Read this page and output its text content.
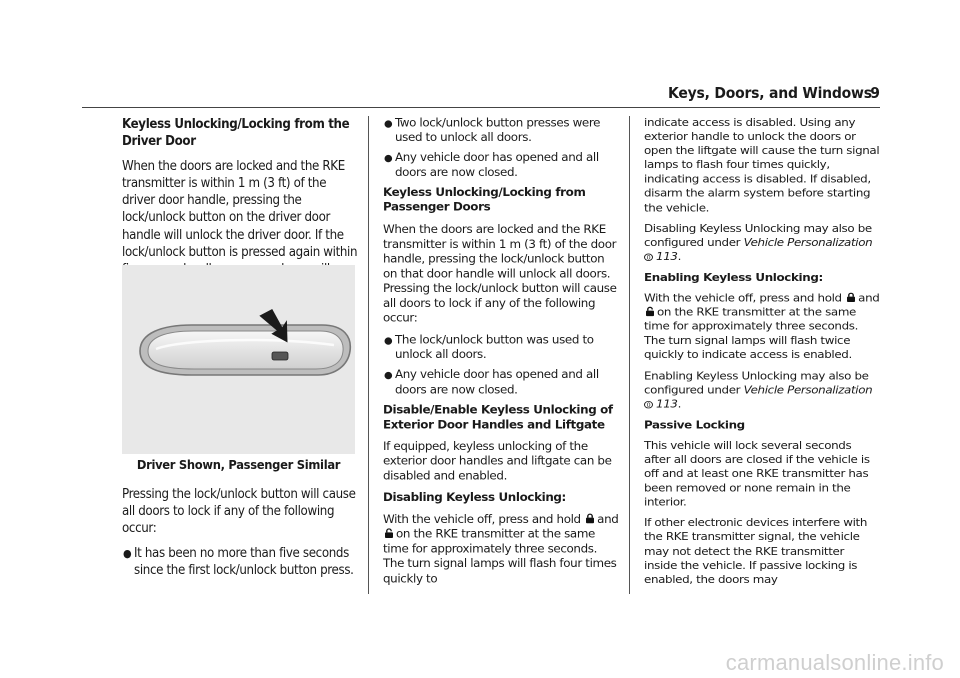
Keys, Doors, and Windows
9
Keyless Unlocking/Locking from the Driver Door
When the doors are locked and the RKE transmitter is within 1 m (3 ft) of the driver door handle, pressing the lock/unlock button on the driver door handle will unlock the driver door. If the lock/unlock button is pressed again within
Driver Shown, Passenger Similar
Pressing the lock/unlock button will cause all doors to lock if any of the following occur:
● It has been no more than five seconds since the first lock/unlock button press.
● Two lock/unlock button presses were used to unlock all doors.
● Any vehicle door has opened and all doors are now closed.
Keyless Unlocking/Locking from Passenger Doors
When the doors are locked and the RKE transmitter is within 1 m (3 ft) of the door handle, pressing the lock/unlock button on that door handle will unlock all doors. Pressing the lock/unlock button will cause all doors to lock if any of the following occur:
● The lock/unlock button was used to unlock all doors.
● Any vehicle door has opened and all doors are now closed.
Disable/Enable Keyless Unlocking of Exterior Door Handles and Liftgate
If equipped, keyless unlocking of the exterior door handles and liftgate can be disabled and enabled.
Disabling Keyless Unlocking:
With the vehicle off, press and hold and
on the RKE transmitter at the same time for approximately three seconds. The turn signal lamps will flash four times quickly to
indicate access is disabled. Using any exterior handle to unlock the doors or open the liftgate will cause the turn signal lamps to flash four times quickly, indicating access is disabled. If disabled, disarm the alarm system before starting the vehicle.
Disabling Keyless Unlocking may also be configured under Vehicle Personalization
0 113.
Enabling Keyless Unlocking:
With the vehicle off, press and hold and
on the RKE transmitter at the same time for approximately three seconds. The turn signal lamps will flash twice quickly to indicate access is enabled.
Enabling Keyless Unlocking may also be configured under Vehicle Personalization
0 113.
Passive Locking
This vehicle will lock several seconds after all doors are closed if the vehicle is off and at least one RKE transmitter has been removed or none remain in the interior.
If other electronic devices interfere with the RKE transmitter signal, the vehicle may not detect the RKE transmitter inside the vehicle. If passive locking is enabled, the doors may
carmanualsonline.info
